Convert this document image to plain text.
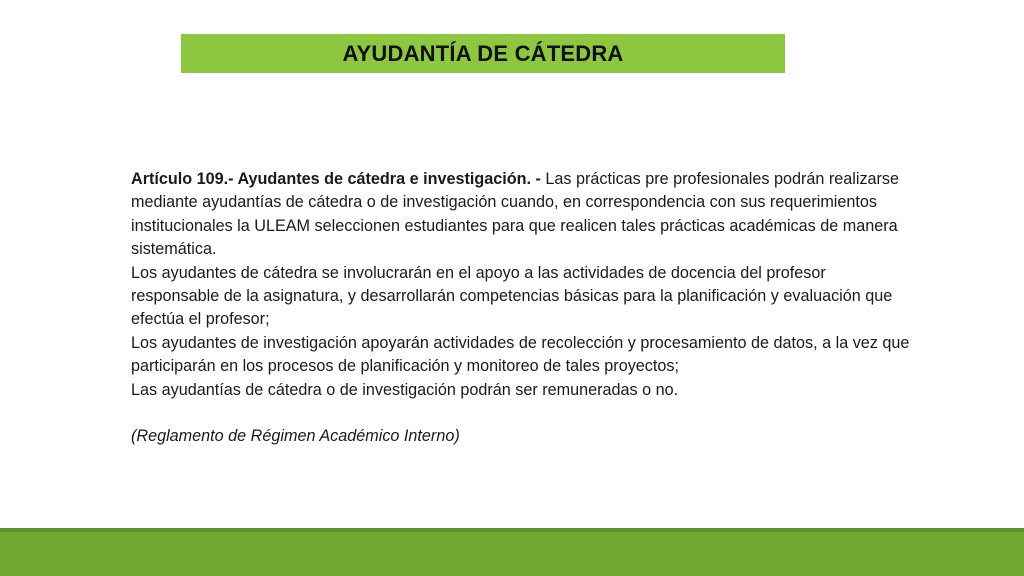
AYUDANTÍA DE CÁTEDRA

Artículo 109.- Ayudantes de cátedra e investigación. - Las prácticas pre profesionales podrán realizarse mediante ayudantías de cátedra o de investigación cuando, en correspondencia con sus requerimientos institucionales la ULEAM seleccionen estudiantes para que realicen tales prácticas académicas de manera sistemática.

Los ayudantes de cátedra se involucrarán en el apoyo a las actividades de docencia del profesor responsable de la asignatura, y desarrollarán competencias básicas para la planificación y evaluación que efectúa el profesor;

Los ayudantes de investigación apoyarán actividades de recolección y procesamiento de datos, a la vez que participarán en los procesos de planificación y monitoreo de tales proyectos;

Las ayudantías de cátedra o de investigación podrán ser remuneradas o no.

(Reglamento de Régimen Académico Interno)
